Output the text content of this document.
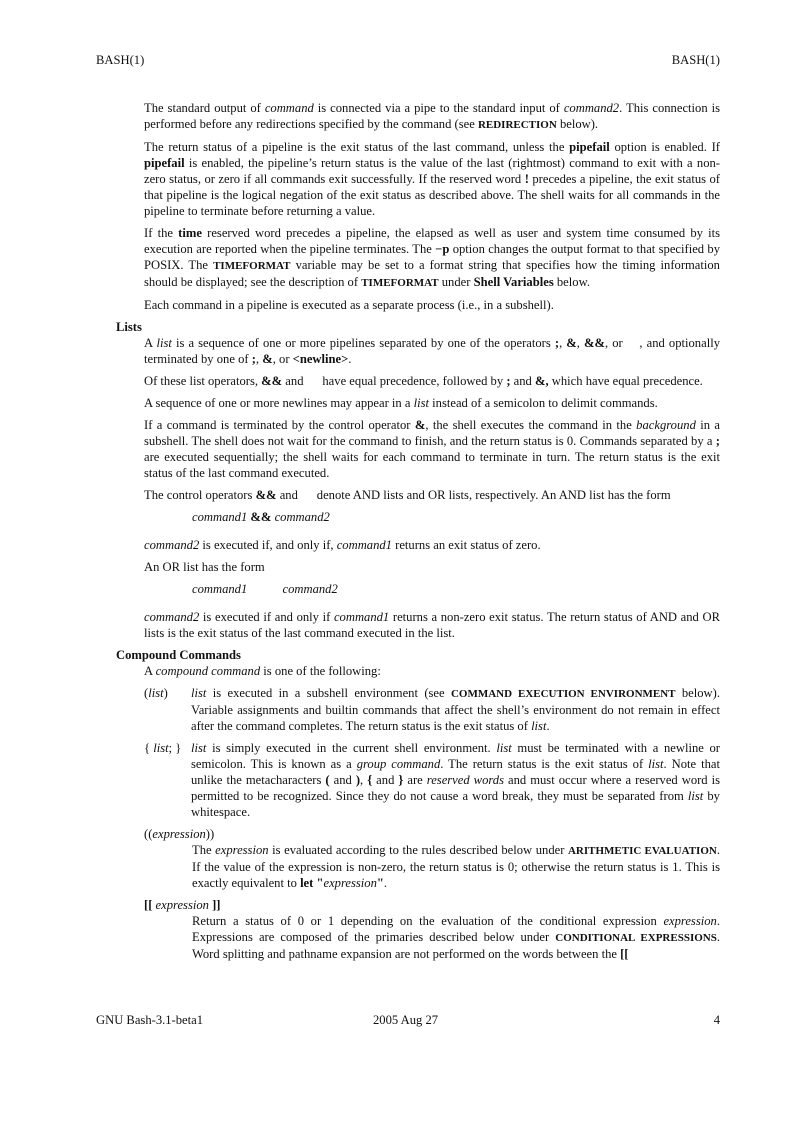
BASH(1)	BASH(1)

The standard output of command is connected via a pipe to the standard input of command2. This connection is performed before any redirections specified by the command (see REDIRECTION below).

The return status of a pipeline is the exit status of the last command, unless the pipefail option is enabled. If pipefail is enabled, the pipeline’s return status is the value of the last (rightmost) command to exit with a non-zero status, or zero if all commands exit successfully. If the reserved word ! precedes a pipeline, the exit status of that pipeline is the logical negation of the exit status as described above. The shell waits for all commands in the pipeline to terminate before returning a value.

If the time reserved word precedes a pipeline, the elapsed as well as user and system time consumed by its execution are reported when the pipeline terminates. The −p option changes the output format to that specified by POSIX. The TIMEFORMAT variable may be set to a format string that specifies how the timing information should be displayed; see the description of TIMEFORMAT under Shell Variables below.

Each command in a pipeline is executed as a separate process (i.e., in a subshell).

Lists

A list is a sequence of one or more pipelines separated by one of the operators ;, &, &&, or , and optionally terminated by one of ;, &, or <newline>.

Of these list operators, && and  have equal precedence, followed by ; and &, which have equal precedence.

A sequence of one or more newlines may appear in a list instead of a semicolon to delimit commands.

If a command is terminated by the control operator &, the shell executes the command in the background in a subshell. The shell does not wait for the command to finish, and the return status is 0. Commands separated by a ; are executed sequentially; the shell waits for each command to terminate in turn. The return status is the exit status of the last command executed.

The control operators && and  denote AND lists and OR lists, respectively. An AND list has the form

command1 && command2

command2 is executed if, and only if, command1 returns an exit status of zero.

An OR list has the form

command1	command2

command2 is executed if and only if command1 returns a non-zero exit status. The return status of AND and OR lists is the exit status of the last command executed in the list.

Compound Commands

A compound command is one of the following:

(list)	list is executed in a subshell environment (see COMMAND EXECUTION ENVIRONMENT below). Variable assignments and builtin commands that affect the shell’s environment do not remain in effect after the command completes. The return status is the exit status of list.
{ list; } list is simply executed in the current shell environment. list must be terminated with a newline or semicolon. This is known as a group command. The return status is the exit status of list. Note that unlike the metacharacters ( and ), { and } are reserved words and must occur where a reserved word is permitted to be recognized. Since they do not cause a word break, they must be separated from list by whitespace.
((expression))
The expression is evaluated according to the rules described below under ARITHMETIC EVALUATION. If the value of the expression is non-zero, the return status is 0; otherwise the return status is 1. This is exactly equivalent to let "expression".
[[ expression ]]
Return a status of 0 or 1 depending on the evaluation of the conditional expression expression. Expressions are composed of the primaries described below under CONDITIONAL EXPRESSIONS. Word splitting and pathname expansion are not performed on the words between the [[
GNU Bash-3.1-beta1	2005 Aug 27	4
